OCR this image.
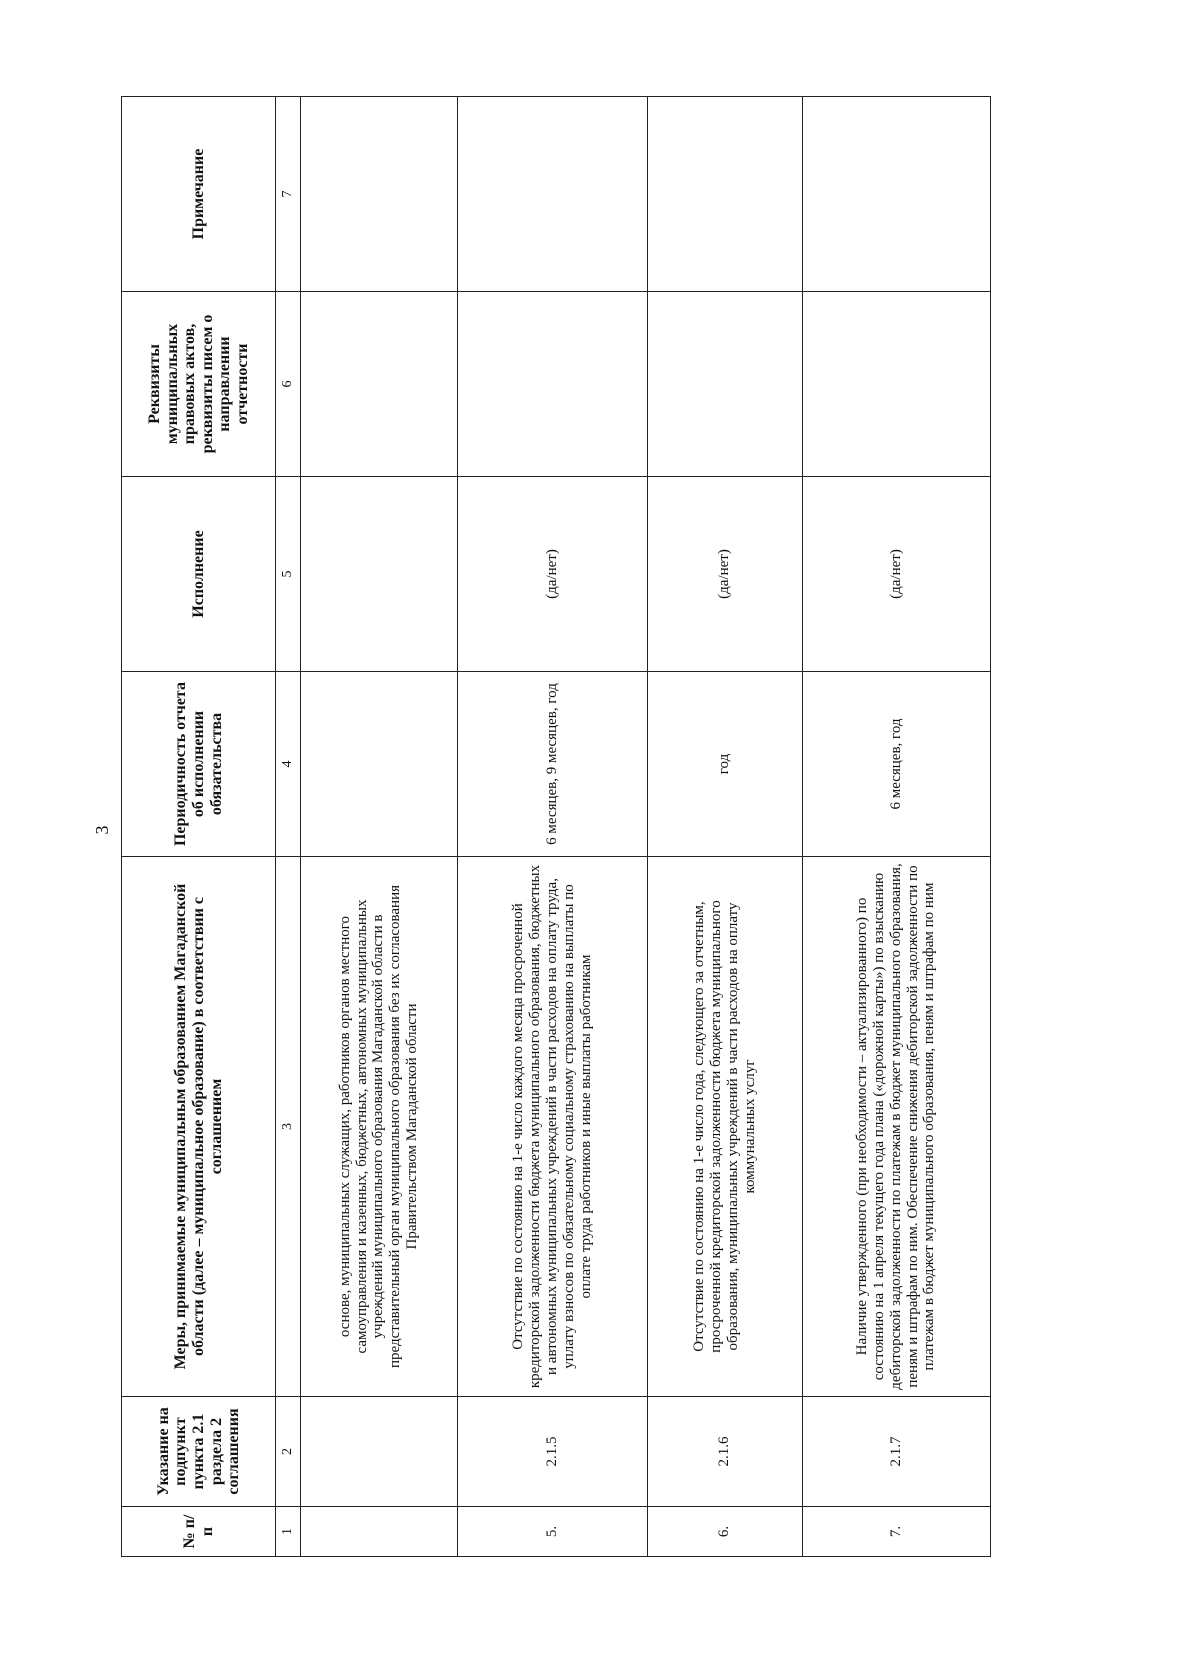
3
№ п/п	Указание на подпункт пункта 2.1 раздела 2 соглашения	Меры, принимаемые муниципальным образованием Магаданской области (далее – муниципальное образование) в соответствии с соглашением	Периодичность отчета об исполнении обязательства	Исполнение	Реквизиты муниципальных правовых актов, реквизиты писем о направлении отчетности	Примечание
1	2	3	4	5	6	7
		основе, муниципальных служащих, работников органов местного самоуправления и казенных, бюджетных, автономных муниципальных учреждений муниципального образования Магаданской области в представительный орган муниципального образования без их согласования Правительством Магаданской области				
5.	2.1.5	Отсутствие по состоянию на 1-е число каждого месяца просроченной кредиторской задолженности бюджета муниципального образования, бюджетных и автономных муниципальных учреждений в части расходов на оплату труда, уплату взносов по обязательному социальному страхованию на выплаты по оплате труда работников и иные выплаты работникам	6 месяцев, 9 месяцев, год	(да/нет)		
6.	2.1.6	Отсутствие по состоянию на 1-е число года, следующего за отчетным, просроченной кредиторской задолженности бюджета муниципального образования, муниципальных учреждений в части расходов на оплату коммунальных услуг	год	(да/нет)		
7.	2.1.7	Наличие утвержденного (при необходимости – актуализированного) по состоянию на 1 апреля текущего года плана («дорожной карты») по взысканию дебиторской задолженности по платежам в бюджет муниципального образования, пеням и штрафам по ним. Обеспечение снижения дебиторской задолженности по платежам в бюджет муниципального образования, пеням и штрафам по ним	6 месяцев, год	(да/нет)		
